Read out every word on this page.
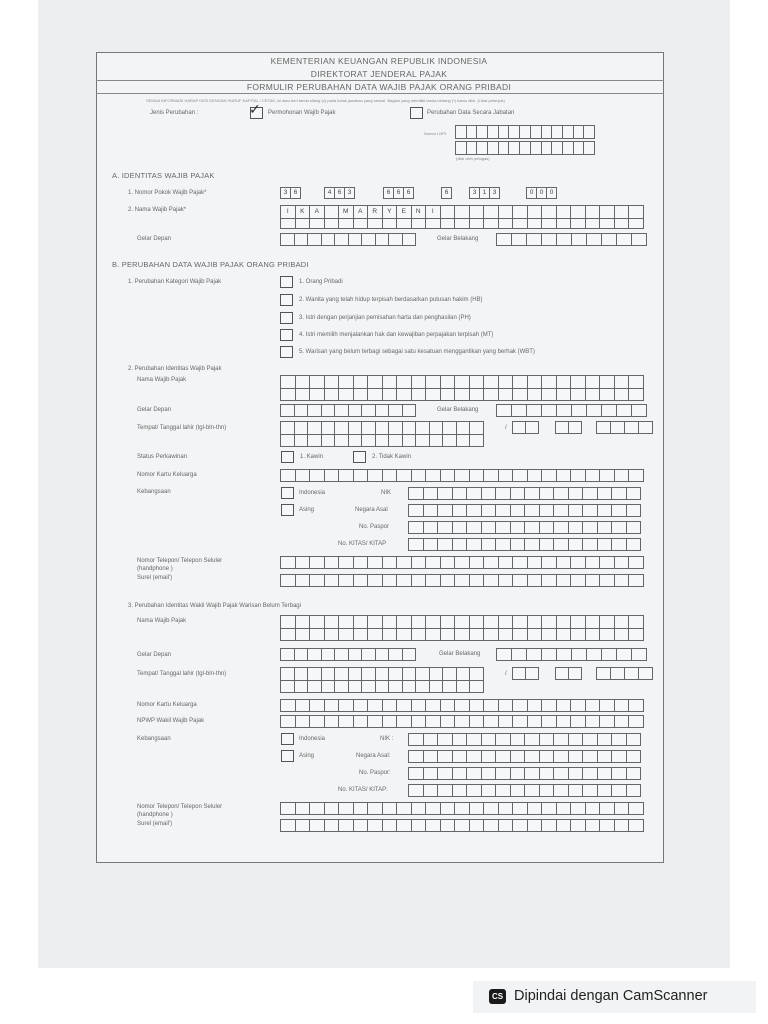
KEMENTERIAN KEUANGAN REPUBLIK INDONESIA
DIREKTORAT JENDERAL PAJAK
FORMULIR PERUBAHAN DATA WAJIB PAJAK ORANG PRIBADI
SEMUA INFORMASI HARAP DIISI DENGAN HURUF KAPITAL / CETAK, isi atau beri tanda silang (x) pada kotak jawaban yang sesuai. Bagian yang memiliki tanda bintang (*) harus diisi. (Lihat petunjuk)
Jenis Perubahan :	✓ Permohonan Wajib Pajak	Perubahan Data Secara Jabatan
Nomor LHPt
(diisi oleh petugas)
A. IDENTITAS WAJIB PAJAK
1. Nomor Pokok Wajib Pajak*	3 6	4 6 3	6 6 6	6	3 1 3	0 0 0
2. Nama Wajib Pajak*	I	K	A	M	A	R	Y	E	N	I
Gelar Depan	Gelar Belakang
B. PERUBAHAN DATA WAJIB PAJAK ORANG PRIBADI
1. Perubahan Kategori Wajib Pajak	1. Orang Pribadi
2. Wanita yang telah hidup terpisah berdasarkan putusan hakim (HB)
3. Istri dengan perjanjian pemisahan harta dan penghasilan (PH)
4. Istri memilih menjalankan hak dan kewajiban perpajakan terpisah (MT)
5. Warisan yang belum terbagi sebagai satu kesatuan menggantikan yang berhak (WBT)
2. Perubahan Identitas Wajib Pajak
Nama Wajib Pajak
Gelar Depan	Gelar Belakang
Tempat/ Tanggal lahir (tgl-bln-thn)	/
Status Perkawinan	1. Kawin	2. Tidak Kawin
Nomor Kartu Keluarga
Kebangsaan	Indonesia	NIK
Asing	Negara Asal
No. Paspor
No. KITAS/ KITAP
Nomor Telepon/ Telepon Seluler
(handphone )
Surel (email')
3. Perubahan Identitas Wakil Wajib Pajak Warisan Belum Terbagi
Nama Wajib Pajak
Gelar Depan	Gelar Belakang
Tempat/ Tanggal lahir (tgl-bln-thn)	/
Nomor Kartu Keluarga
NPWP Wakil Wajib Pajak
Kebangsaan	Indonesia	NIK :
Asing	Negara Asal:
No. Paspor:
No. KITAS/ KITAP:
Nomor Telepon/ Telepon Seluler
(handphone )
Surel (email')
CS Dipindai dengan CamScanner
